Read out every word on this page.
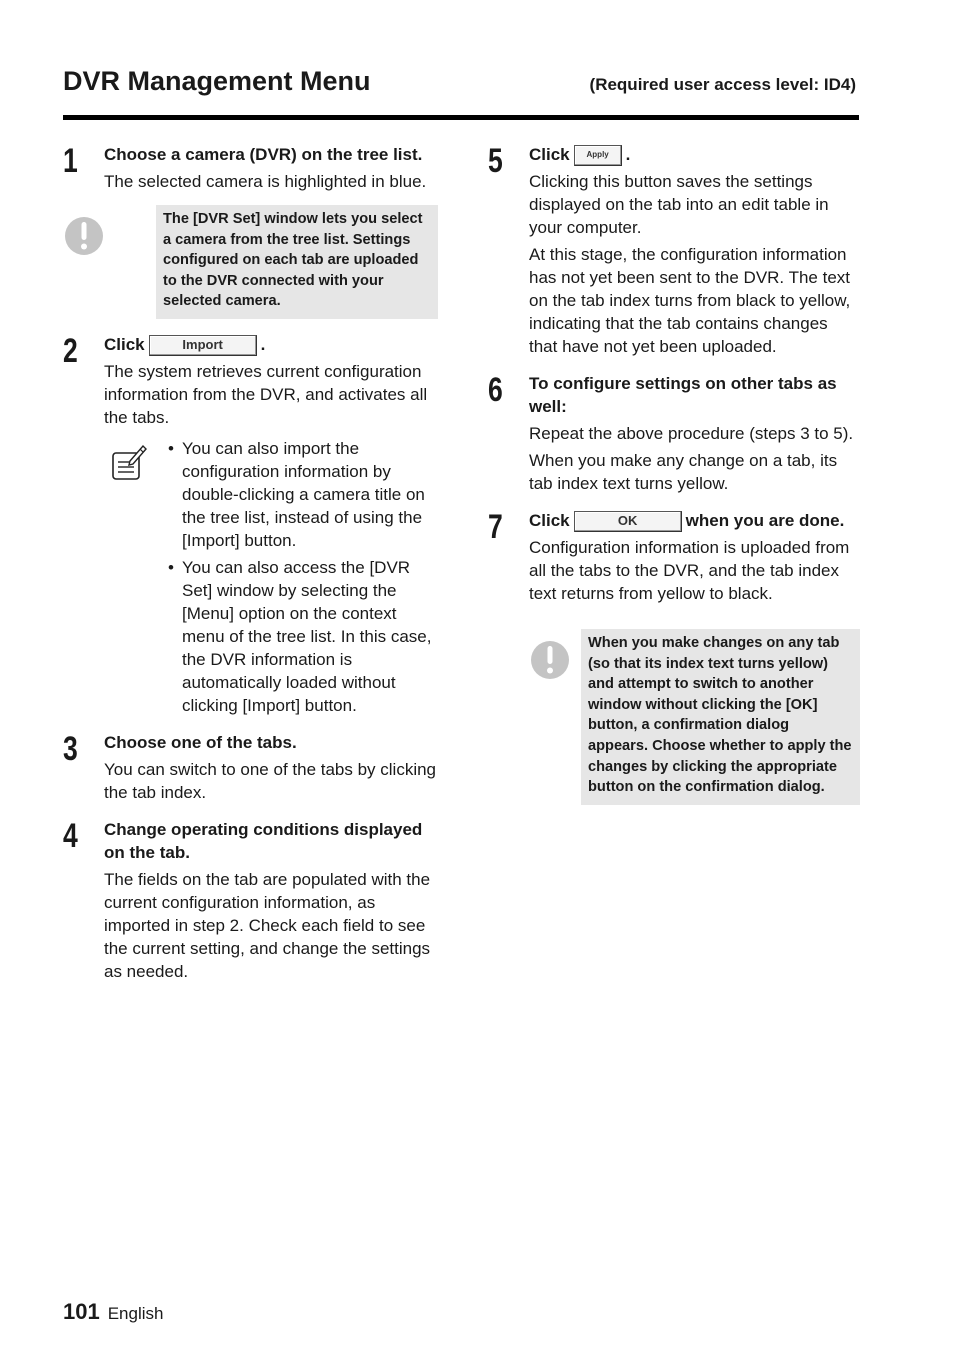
DVR Management Menu	(Required user access level: ID4)
1 Choose a camera (DVR) on the tree list.

The selected camera is highlighted in blue.

The [DVR Set] window lets you select a camera from the tree list. Settings configured on each tab are uploaded to the DVR connected with your selected camera.
2 Click	Import .

The system retrieves current configuration information from the DVR, and activates all the tabs.

• You can also import the configuration information by double-clicking a camera title on the tree list, instead of using the [Import] button.
• You can also access the [DVR Set] window by selecting the [Menu] option on the context menu of the tree list. In this case, the DVR information is automatically loaded without clicking [Import] button.
3 Choose one of the tabs.

You can switch to one of the tabs by clicking the tab index.

4 Change operating conditions displayed on the tab.

The fields on the tab are populated with the current configuration information, as imported in step 2. Check each field to see the current setting, and change the settings as needed.

5 Click Apply .

Clicking this button saves the settings displayed on the tab into an edit table in your computer.

At this stage, the configuration information has not yet been sent to the DVR. The text on the tab index turns from black to yellow, indicating that the tab contains changes that have not yet been uploaded.

6 To configure settings on other tabs as well:

Repeat the above procedure (steps 3 to 5).

When you make any change on a tab, its tab index text turns yellow.

7 Click	OK	when you are done.

Configuration information is uploaded from all the tabs to the DVR, and the tab index text returns from yellow to black.

When you make changes on any tab (so that its index text turns yellow) and attempt to switch to another window without clicking the [OK] button, a confirmation dialog appears. Choose whether to apply the changes by clicking the appropriate button on the confirmation dialog.
101 English
